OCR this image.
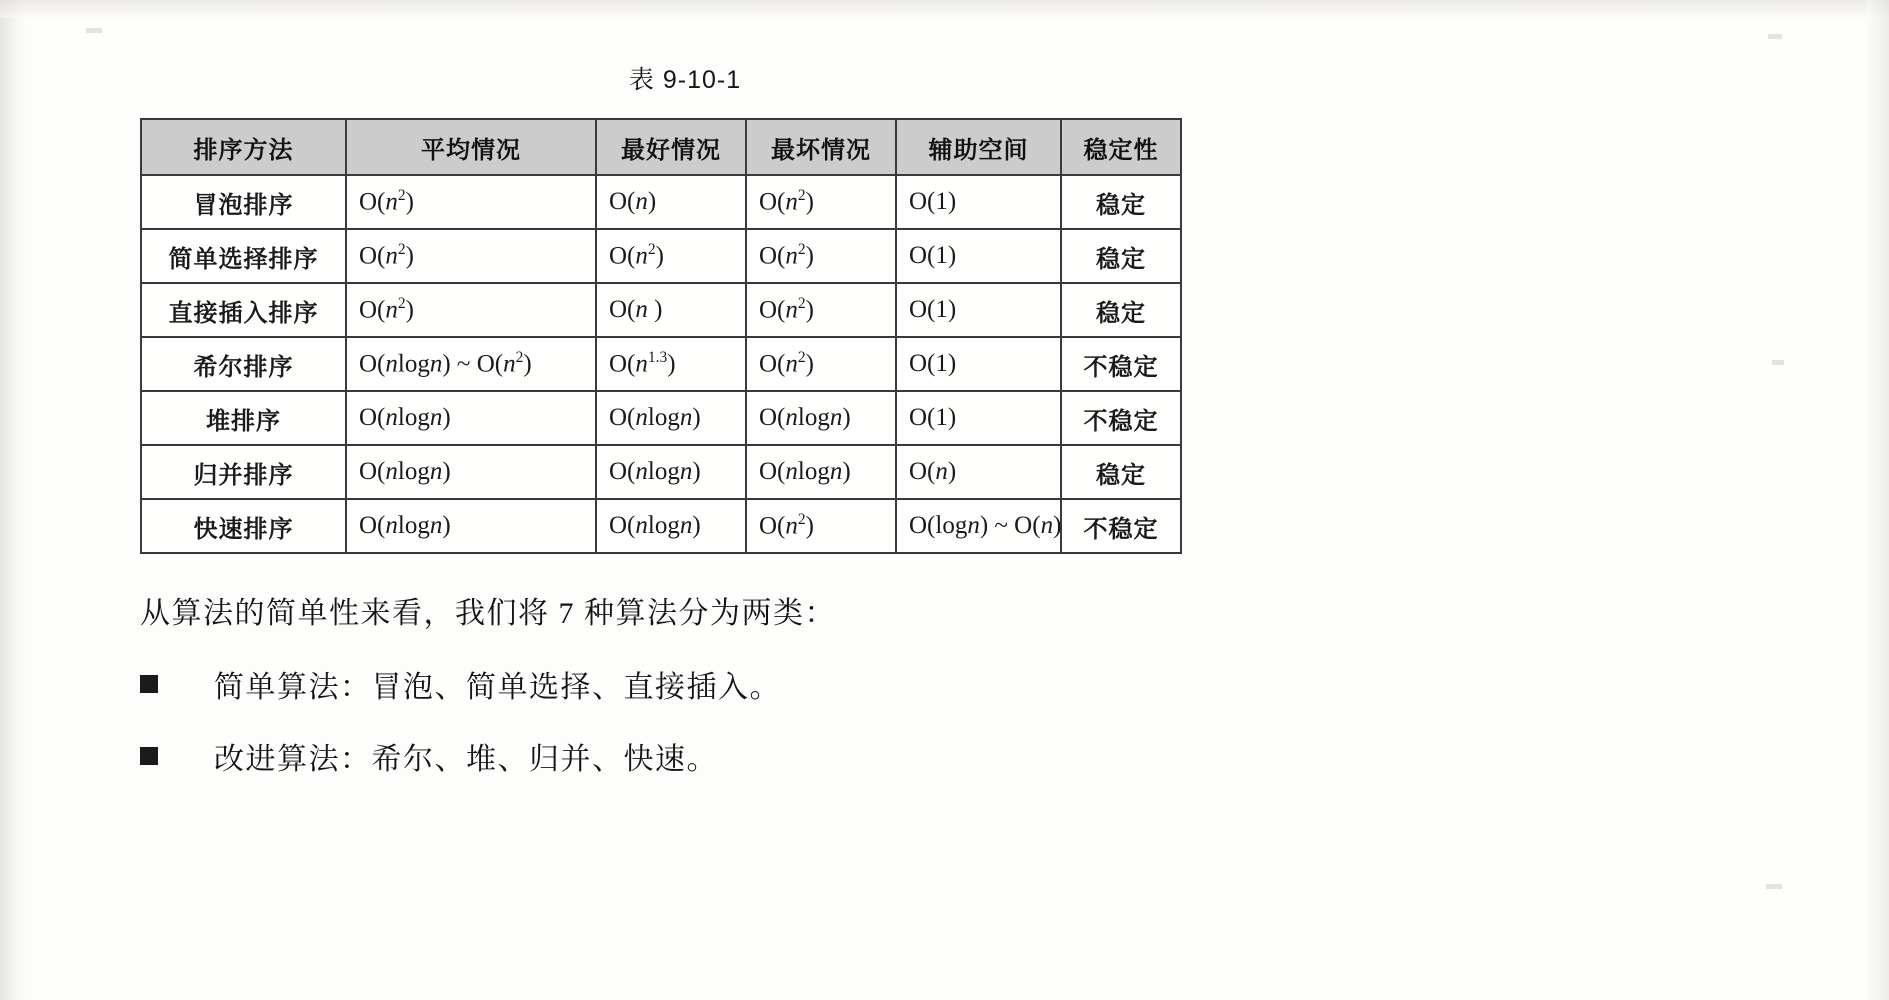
表 9-10-1
排序方法	平均情况	最好情况	最坏情况	辅助空间	稳定性
冒泡排序	$O(n^2)$	O(n)	$O(n^2)$	O(1)	稳定
简单选择排序	$O(n^2)$	$O(n^2)$	$O(n^2)$	O(1)	稳定
直接插入排序	$O(n^2)$	O(n )	$O(n^2)$	O(1)	稳定
希尔排序	O(nlogn) ~ $O(n^2)$	$O(n^{1.3})$	$O(n^2)$	O(1)	不稳定
堆排序	O(nlogn)	O(nlogn)	O(nlogn)	O(1)	不稳定
归并排序	O(nlogn)	O(nlogn)	O(nlogn)	O(n)	稳定
快速排序	O(nlogn)	O(nlogn)	$O(n^2)$	O(logn) ~ O(n)	不稳定

从算法的简单性来看，我们将 7 种算法分为两类：

简单算法：冒泡、简单选择、直接插入。
改进算法：希尔、堆、归并、快速。
